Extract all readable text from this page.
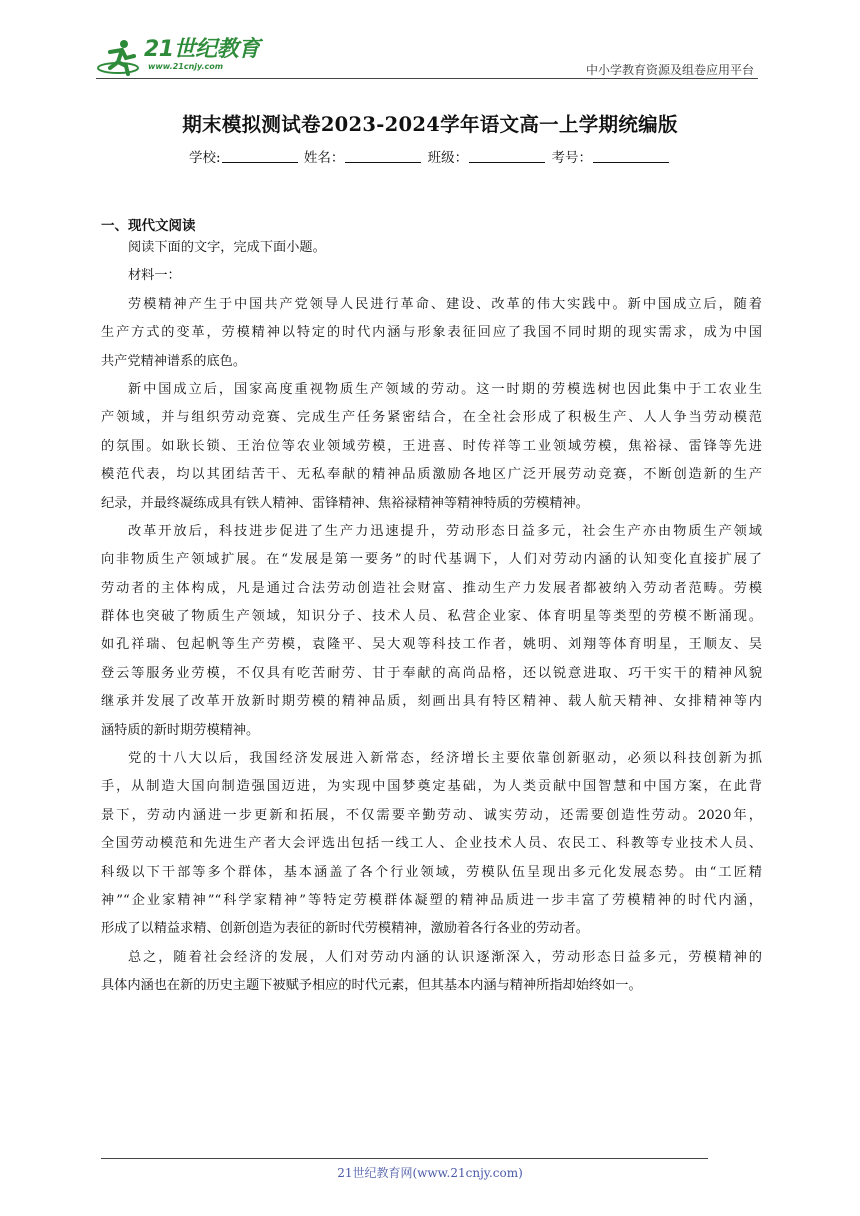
21世纪教育
www.21cnjy.com	中小学教育资源及组卷应用平台
期末模拟测试卷2023-2024学年语文高一上学期统编版
学校:	姓名：	班级：	考号：
一、现代文阅读
阅读下面的文字，完成下面小题。
材料一：
劳模精神产生于中国共产党领导人民进行革命、建设、改革的伟大实践中。新中国成立后，随着
生产方式的变革，劳模精神以特定的时代内涵与形象表征回应了我国不同时期的现实需求，成为中国
共产党精神谱系的底色。
新中国成立后，国家高度重视物质生产领域的劳动。这一时期的劳模选树也因此集中于工农业生
产领域，并与组织劳动竞赛、完成生产任务紧密结合，在全社会形成了积极生产、人人争当劳动模范
的氛围。如耿长锁、王治位等农业领域劳模，王进喜、时传祥等工业领域劳模，焦裕禄、雷锋等先进
模范代表，均以其团结苦干、无私奉献的精神品质激励各地区广泛开展劳动竞赛，不断创造新的生产
纪录，并最终凝练成具有铁人精神、雷锋精神、焦裕禄精神等精神特质的劳模精神。
改革开放后，科技进步促进了生产力迅速提升，劳动形态日益多元，社会生产亦由物质生产领域
向非物质生产领域扩展。在“发展是第一要务”的时代基调下，人们对劳动内涵的认知变化直接扩展了
劳动者的主体构成，凡是通过合法劳动创造社会财富、推动生产力发展者都被纳入劳动者范畴。劳模
群体也突破了物质生产领域，知识分子、技术人员、私营企业家、体育明星等类型的劳模不断涌现。
如孔祥瑞、包起帆等生产劳模，袁隆平、吴大观等科技工作者，姚明、刘翔等体育明星，王顺友、吴
登云等服务业劳模，不仅具有吃苦耐劳、甘于奉献的高尚品格，还以锐意进取、巧干实干的精神风貌
继承并发展了改革开放新时期劳模的精神品质，刻画出具有特区精神、载人航天精神、女排精神等内
涵特质的新时期劳模精神。
党的十八大以后，我国经济发展进入新常态，经济增长主要依靠创新驱动，必须以科技创新为抓
手，从制造大国向制造强国迈进，为实现中国梦奠定基础，为人类贡献中国智慧和中国方案，在此背
景下，劳动内涵进一步更新和拓展，不仅需要辛勤劳动、诚实劳动，还需要创造性劳动。2020年，
全国劳动模范和先进生产者大会评选出包括一线工人、企业技术人员、农民工、科教等专业技术人员、
科级以下干部等多个群体，基本涵盖了各个行业领域，劳模队伍呈现出多元化发展态势。由“工匠精
神”“企业家精神”“科学家精神”等特定劳模群体凝塑的精神品质进一步丰富了劳模精神的时代内涵，
形成了以精益求精、创新创造为表征的新时代劳模精神，激励着各行各业的劳动者。
总之，随着社会经济的发展，人们对劳动内涵的认识逐渐深入，劳动形态日益多元，劳模精神的
具体内涵也在新的历史主题下被赋予相应的时代元素，但其基本内涵与精神所指却始终如一。
21世纪教育网(www.21cnjy.com)
